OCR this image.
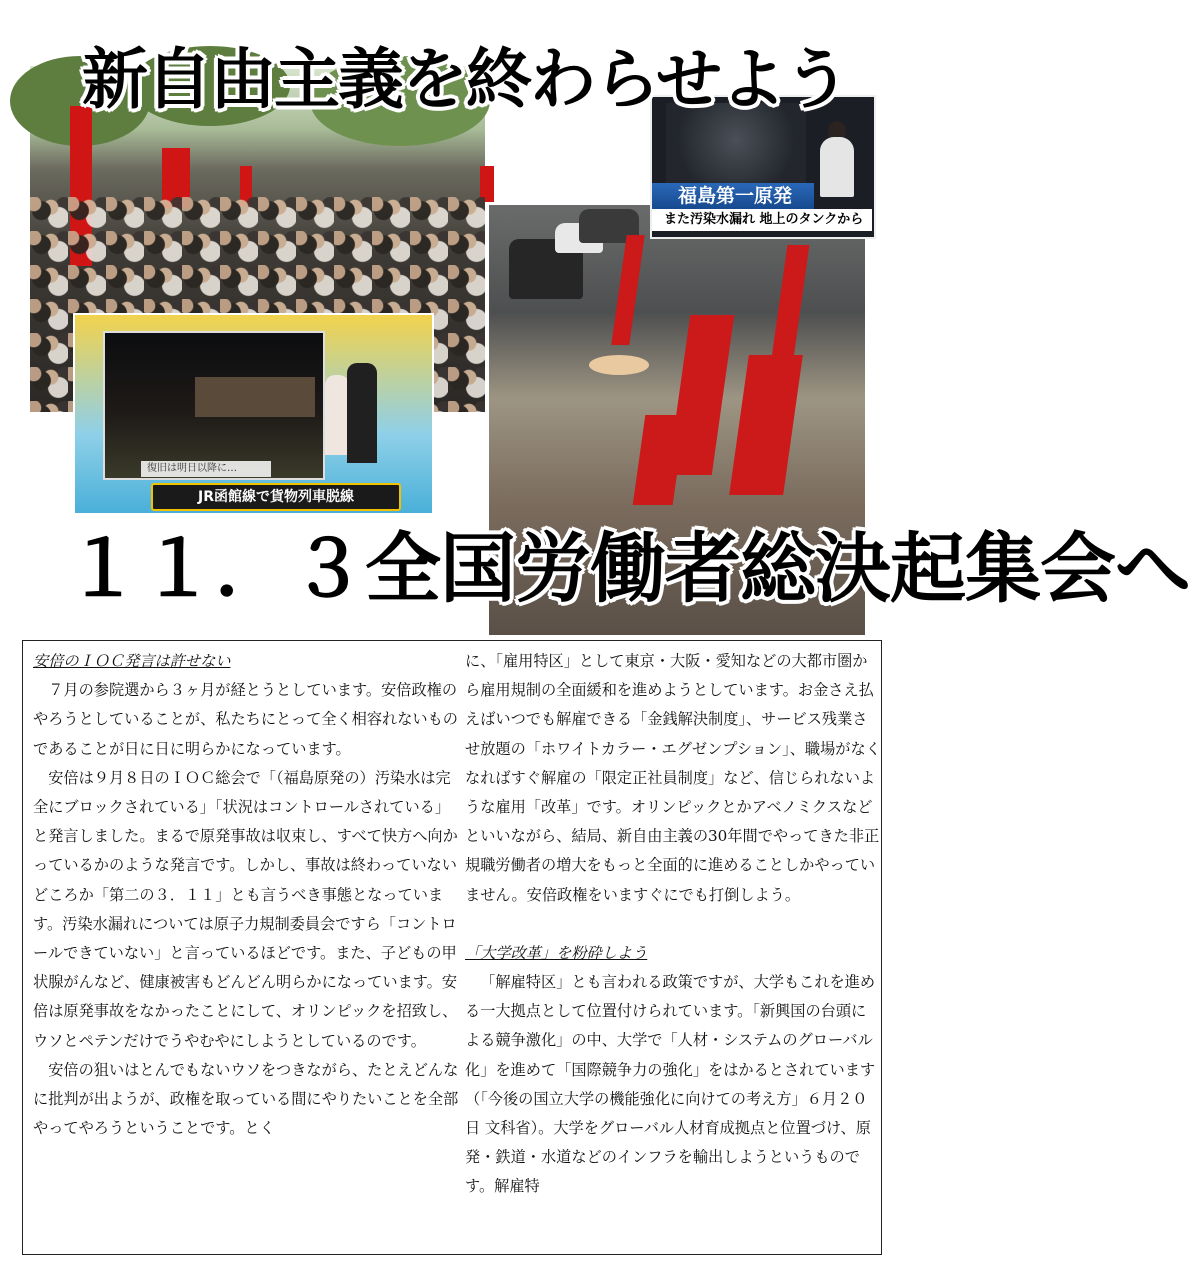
福島第一原発
また汚染水漏れ 地上のタンクから
復旧は明日以降に…
JR函館線で貨物列車脱線
新自由主義を終わらせよう
１１．３全国労働者総決起集会へ

安倍のＩＯＣ発言は許せない

７月の参院選から３ヶ月が経とうとしています。安倍政権のやろうとしていることが、私たちにとって全く相容れないものであることが日に日に明らかになっています。

安倍は９月８日のＩＯＣ総会で「（福島原発の）汚染水は完全にブロックされている」「状況はコントロールされている」と発言しました。まるで原発事故は収束し、すべて快方へ向かっているかのような発言です。しかし、事故は終わっていないどころか「第二の３．１１」とも言うべき事態となっています。汚染水漏れについては原子力規制委員会ですら「コントロールできていない」と言っているほどです。また、子どもの甲状腺がんなど、健康被害もどんどん明らかになっています。安倍は原発事故をなかったことにして、オリンピックを招致し、ウソとペテンだけでうやむやにしようとしているのです。

安倍の狙いはとんでもないウソをつきながら、たとえどんなに批判が出ようが、政権を取っている間にやりたいことを全部やってやろうということです。とく

に、「雇用特区」として東京・大阪・愛知などの大都市圏から雇用規制の全面緩和を進めようとしています。お金さえ払えばいつでも解雇できる「金銭解決制度」、サービス残業させ放題の「ホワイトカラー・エグゼンプション」、職場がなくなればすぐ解雇の「限定正社員制度」など、信じられないような雇用「改革」です。オリンピックとかアベノミクスなどといいながら、結局、新自由主義の30年間でやってきた非正規職労働者の増大をもっと全面的に進めることしかやっていません。安倍政権をいますぐにでも打倒しよう。

「大学改革」を粉砕しよう

「解雇特区」とも言われる政策ですが、大学もこれを進める一大拠点として位置付けられています。「新興国の台頭による競争激化」の中、大学で「人材・システムのグローバル化」を進めて「国際競争力の強化」をはかるとされています（「今後の国立大学の機能強化に向けての考え方」６月２０日 文科省）。大学をグローバル人材育成拠点と位置づけ、原発・鉄道・水道などのインフラを輸出しようというものです。解雇特
